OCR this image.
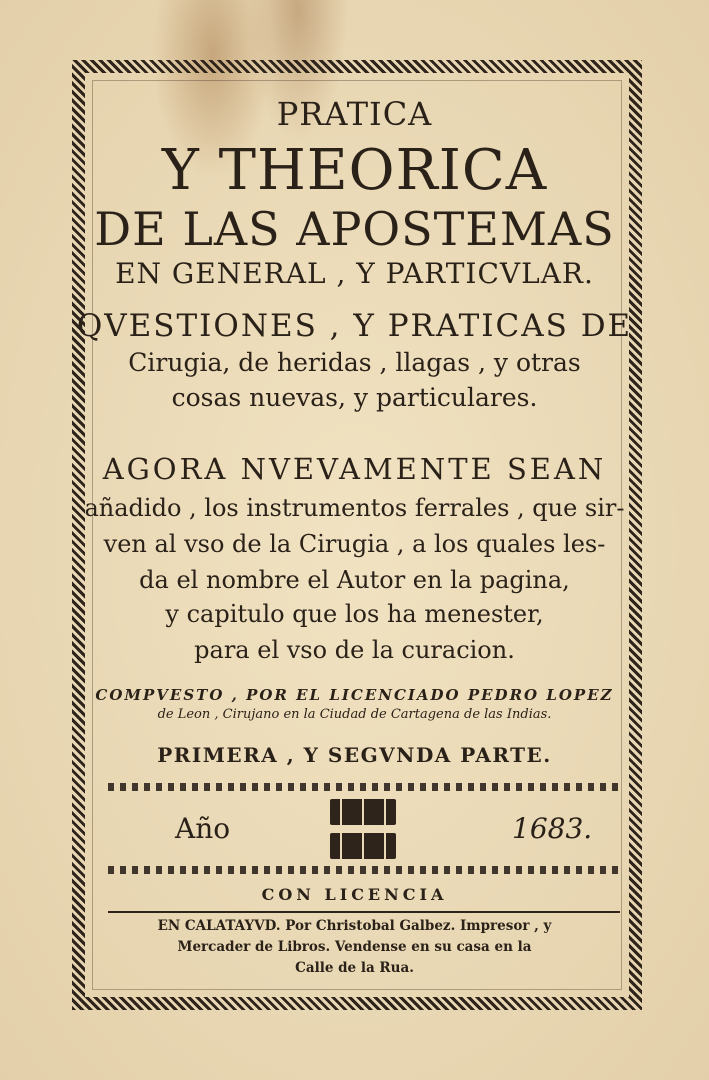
PRATICA
Y THEORICA
DE LAS APOSTEMAS
EN GENERAL , Y PARTICVLAR.
QVESTIONES , Y PRATICAS DE
Cirugia, de heridas , llagas , y otras
cosas nuevas, y particulares.
AGORA NVEVAMENTE SEAN
añadido , los instrumentos ferrales , que sir-
ven al vso de la Cirugia , a los quales les-
da el nombre el Autor en la pagina,
y capitulo que los ha menester,
para el vso de la curacion.
COMPVESTO , POR EL LICENCIADO PEDRO LOPEZ
de Leon , Cirujano en la Ciudad de Cartagena de las Indias.
PRIMERA , Y SEGVNDA PARTE.
Año	1683.
CON LICENCIA
EN CALATAYVD. Por Christobal Galbez. Impresor , y
Mercader de Libros. Vendense en su casa en la
Calle de la Rua.
